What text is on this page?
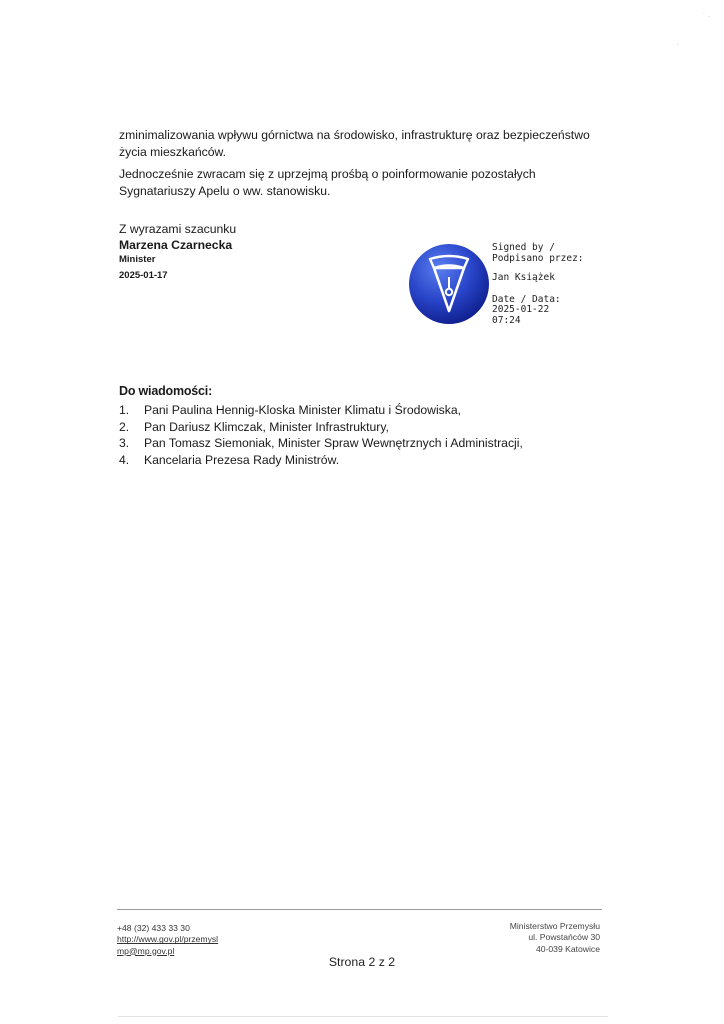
˙ ·
·

zminimalizowania wpływu górnictwa na środowisko, infrastrukturę oraz bezpieczeństwo życia mieszkańców.

Jednocześnie zwracam się z uprzejmą prośbą o poinformowanie pozostałych Sygnatariuszy Apelu o ww. stanowisku.

Z wyrazami szacunku
Marzena Czarnecka
Minister
2025-01-17
Signed by /
Podpisano przez:
Jan Książek
Date / Data:
2025-01-22
07:24
Do wiadomości:
1.	Pani Paulina Hennig-Kloska Minister Klimatu i Środowiska,
2.	Pan Dariusz Klimczak, Minister Infrastruktury,
3.	Pan Tomasz Siemoniak, Minister Spraw Wewnętrznych i Administracji,
4.	Kancelaria Prezesa Rady Ministrów.
+48 (32) 433 33 30
http://www.gov.pl/przemysl
mp@mp.gov.pl
Ministerstwo Przemysłu
ul. Powstańców 30
40-039 Katowice
Strona 2 z 2
